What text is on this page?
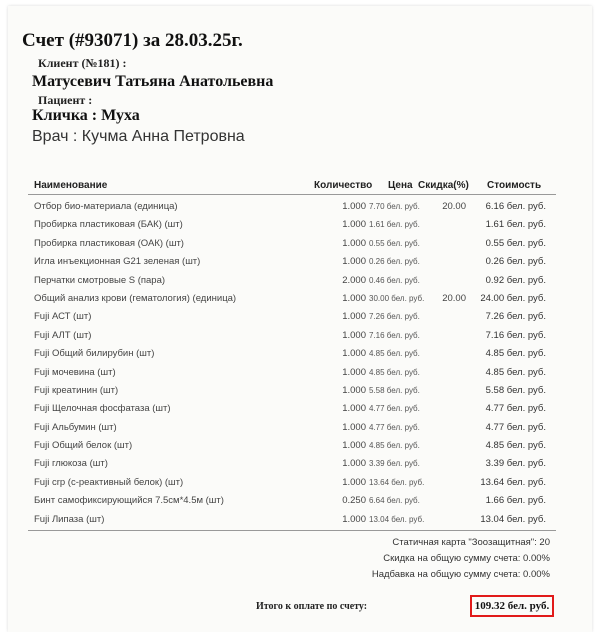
Счет (#93071) за 28.03.25г.
Клиент (№181) :
Матусевич Татьяна Анатольевна
Пациент :
Кличка : Муха
Врач : Кучма Анна Петровна
Наименование	Количество Цена Скидка(%) Стоимость
Отбор био-материала (единица)	1.000 7.70 бел. руб.	20.00	6.16 бел. руб.
Пробирка пластиковая (БАК) (шт)	1.000 1.61 бел. руб.	1.61 бел. руб.
Пробирка пластиковая (ОАК) (шт)	1.000 0.55 бел. руб.	0.55 бел. руб.
Игла инъекционная G21 зеленая (шт)	1.000 0.26 бел. руб.	0.26 бел. руб.
Перчатки смотровые S (пара)	2.000 0.46 бел. руб.	0.92 бел. руб.
Общий анализ крови (гематология) (единица)	1.000 30.00 бел. руб.	20.00	24.00 бел. руб.
Fuji АСТ (шт)	1.000 7.26 бел. руб.	7.26 бел. руб.
Fuji АЛТ (шт)	1.000 7.16 бел. руб.	7.16 бел. руб.
Fuji Общий билирубин (шт)	1.000 4.85 бел. руб.	4.85 бел. руб.
Fuji мочевина (шт)	1.000 4.85 бел. руб.	4.85 бел. руб.
Fuji креатинин (шт)	1.000 5.58 бел. руб.	5.58 бел. руб.
Fuji Щелочная фосфатаза (шт)	1.000 4.77 бел. руб.	4.77 бел. руб.
Fuji Альбумин (шт)	1.000 4.77 бел. руб.	4.77 бел. руб.
Fuji Общий белок (шт)	1.000 4.85 бел. руб.	4.85 бел. руб.
Fuji глюкоза (шт)	1.000 3.39 бел. руб.	3.39 бел. руб.
Fuji crp (с-реактивный белок) (шт)	1.000 13.64 бел. руб.	13.64 бел. руб.
Бинт самофиксирующийся 7.5см*4.5м (шт)	0.250 6.64 бел. руб.	1.66 бел. руб.
Fuji Липаза (шт)	1.000 13.04 бел. руб.	13.04 бел. руб.
Статичная карта "Зоозащитная": 20
Скидка на общую сумму счета: 0.00%
Надбавка на общую сумму счета: 0.00%
Итого к оплате по счету:	109.32 бел. руб.
